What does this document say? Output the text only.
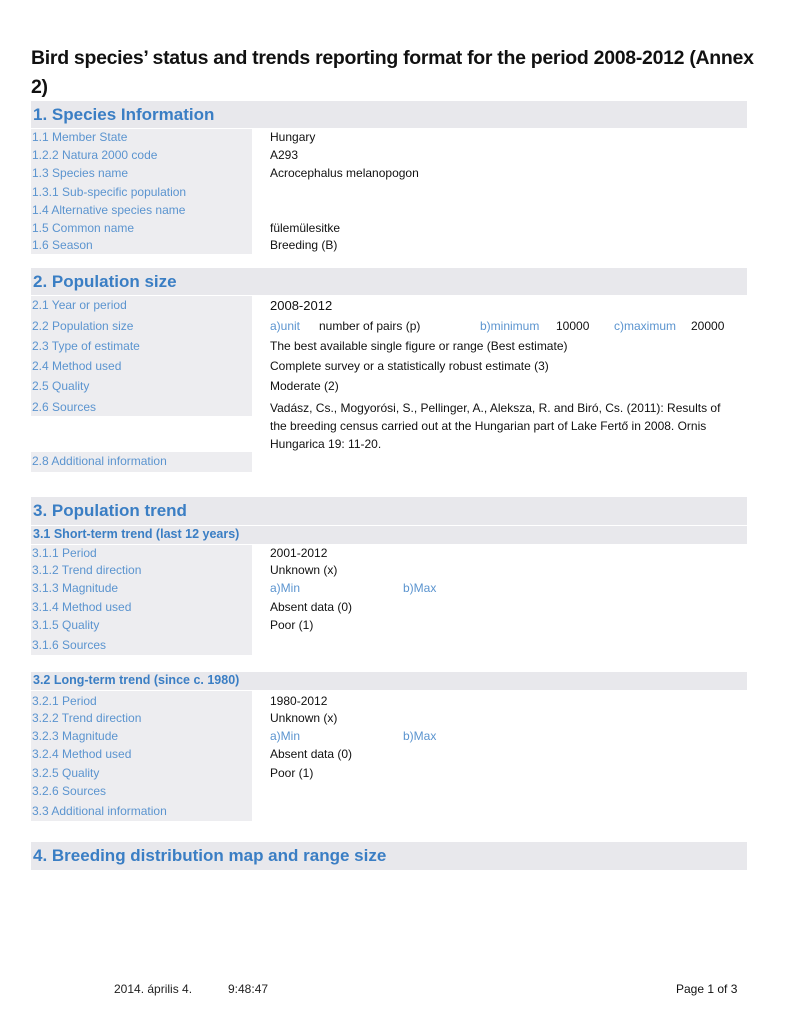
Bird species’ status and trends reporting format for the period 2008-2012 (Annex 2)
1. Species Information
1.1 Member State	Hungary
1.2.2 Natura 2000 code	A293
1.3 Species name	Acrocephalus melanopogon
1.3.1 Sub-specific population
1.4 Alternative species name
1.5 Common name	fülemülesitke
1.6 Season	Breeding (B)
2. Population size
2.1 Year or period	2008-2012
2.2 Population size	a)unit number of pairs (p)	b)minimum 10000 c)maximum 20000
2.3 Type of estimate	The best available single figure or range (Best estimate)
2.4 Method used	Complete survey or a statistically robust estimate (3)
2.5 Quality	Moderate (2)
2.6 Sources	Vadász, Cs., Mogyorósi, S., Pellinger, A., Aleksza, R. and Biró, Cs. (2011): Results of the breeding census carried out at the Hungarian part of Lake Fertő in 2008. Ornis Hungarica 19: 11-20.
2.8 Additional information
3. Population trend
3.1 Short-term trend (last 12 years)
3.1.1 Period	2001-2012
3.1.2 Trend direction	Unknown (x)
3.1.3 Magnitude	a)Min	b)Max
3.1.4 Method used	Absent data (0)
3.1.5 Quality	Poor (1)
3.1.6 Sources
3.2 Long-term trend (since c. 1980)
3.2.1 Period	1980-2012
3.2.2 Trend direction	Unknown (x)
3.2.3 Magnitude	a)Min	b)Max
3.2.4 Method used	Absent data (0)
3.2.5 Quality	Poor (1)
3.2.6 Sources
3.3 Additional information
4. Breeding distribution map and range size
2014. április 4.	9:48:47	Page 1 of 3
